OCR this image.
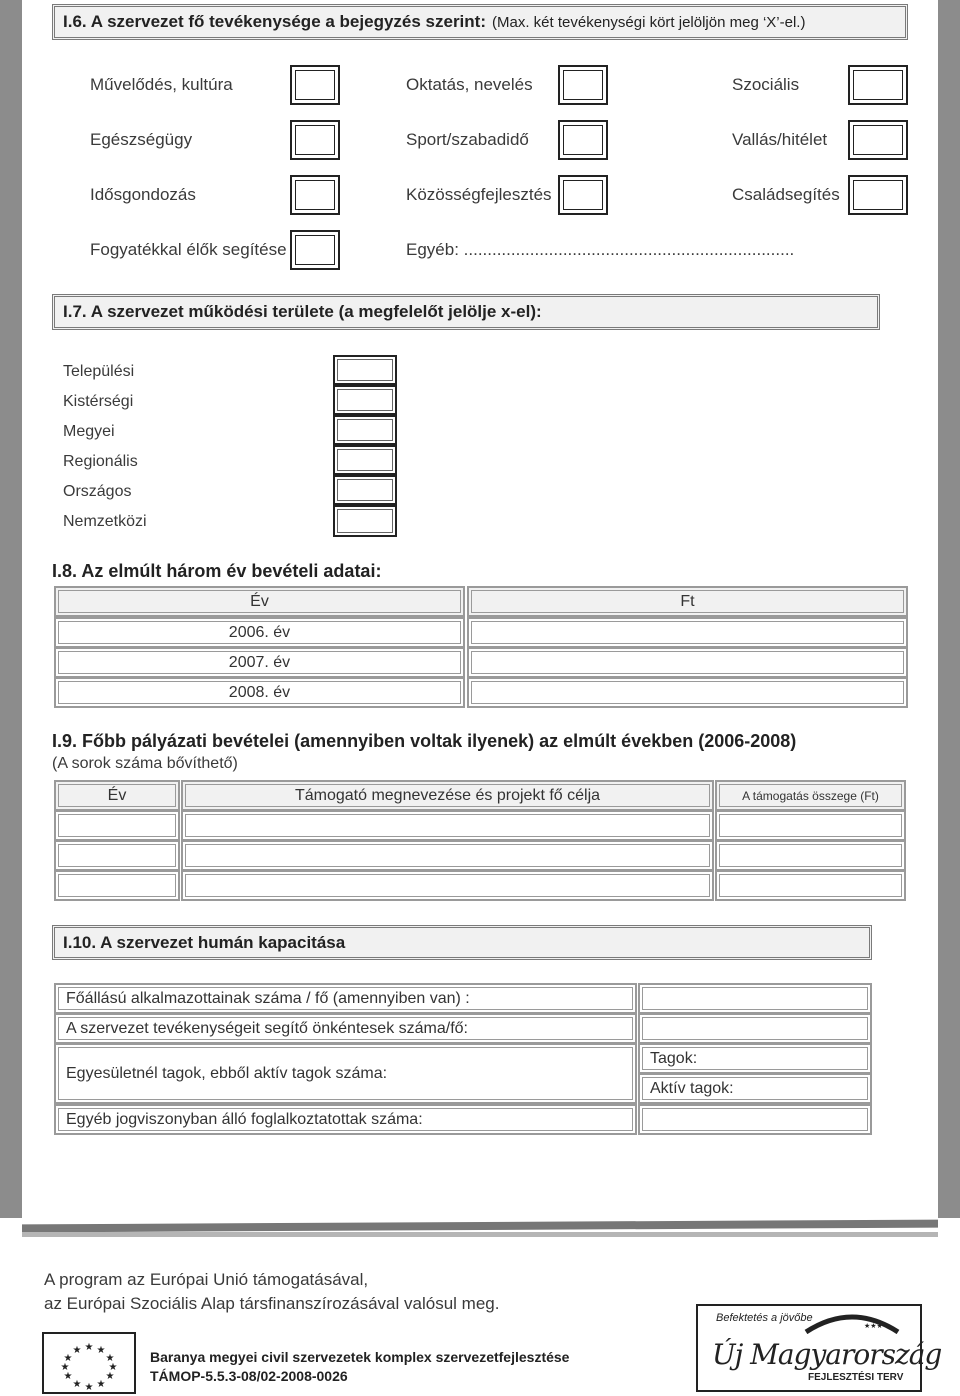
I.6. A szervezet fő tevékenysége a bejegyzés szerint: (Max. két tevékenységi kört jelöljön meg ‘X’-el.)
Művelődés, kultúra
Egészségügy
Idősgondozás
Fogyatékkal élők segítése
Oktatás, nevelés
Sport/szabadidő
Közösségfejlesztés
Egyéb: ......................................................................
Szociális
Vallás/hitélet
Családsegítés
I.7. A szervezet működési területe (a megfelelőt jelölje x-el):
Települési
Kistérségi
Megyei
Regionális
Országos
Nemzetközi
I.8. Az elmúlt három év bevételi adatai:
Év	Ft
2006. év
2007. év
2008. év
I.9. Főbb pályázati bevételei (amennyiben voltak ilyenek) az elmúlt években (2006-2008)
(A sorok száma bővíthető)
Év	Támogató megnevezése és projekt fő célja	A támogatás összege (Ft)
I.10. A szervezet humán kapacitása
Főállású alkalmazottainak száma / fő (amennyiben van) :
A szervezet tevékenységeit segítő önkéntesek száma/fő:
Egyesületnél tagok, ebből aktív tagok száma:
Tagok:
Aktív tagok:
Egyéb jogviszonyban álló foglalkoztatottak száma:
A program az Európai Unió támogatásával,
az Európai Szociális Alap társfinanszírozásával valósul meg.
★ ★
★
★
★
★
★
★
★
★
★
★	Baranya megyei civil szervezetek komplex szervezetfejlesztése
TÁMOP-5.5.3-08/02-2008-0026
Befektetés a jövőbe
★★★
Új Magyarország
FEJLESZTÉSI TERV
